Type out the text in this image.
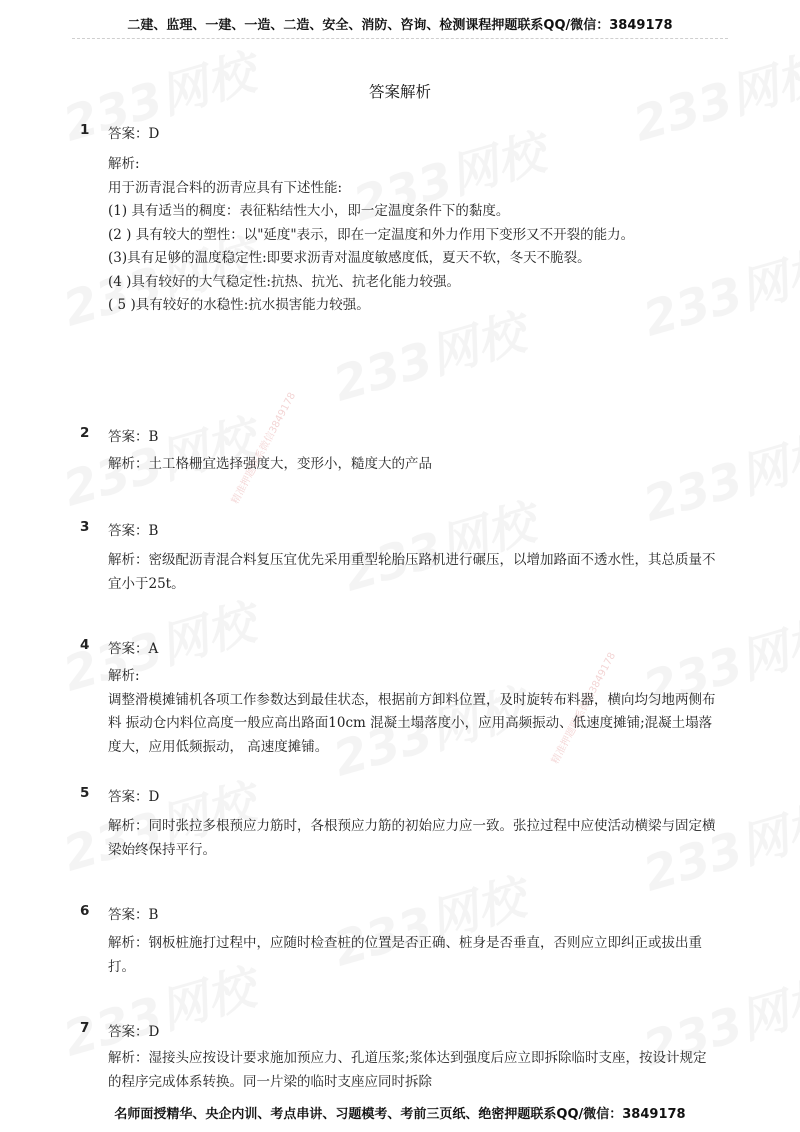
精准押题联系微信3849178
精准押题联系微信3849178
二建、监理、一建、一造、二造、安全、消防、咨询、检测课程押题联系QQ/微信：3849178
答案解析
1 答案：D

解析:

用于沥青混合料的沥青应具有下述性能:

(1) 具有适当的稠度：表征粘结性大小，即一定温度条件下的黏度。

(2 ) 具有较大的塑性：以"延度"表示，即在一定温度和外力作用下变形又不开裂的能力。

(3)具有足够的温度稳定性:即要求沥青对温度敏感度低，夏天不软，冬天不脆裂。

(4 )具有较好的大气稳定性:抗热、抗光、抗老化能力较强。

( 5 )具有较好的水稳性:抗水损害能力较强。

2 答案：B

解析：土工格栅宜选择强度大，变形小，糙度大的产品

3 答案：B

解析：密级配沥青混合料复压宜优先采用重型轮胎压路机进行碾压，以增加路面不透水性，其总质量不宜小于25t。

4 答案：A

解析:

调整滑模摊铺机各项工作参数达到最佳状态，根据前方卸料位置，及时旋转布料器，横向均匀地两侧布料 振动仓内料位高度一般应高出路面10cm 混凝土塌落度小，应用高频振动、低速度摊铺;混凝土塌落度大，应用低频振动， 高速度摊铺。

5 答案：D

解析：同时张拉多根预应力筋时，各根预应力筋的初始应力应一致。张拉过程中应使活动横梁与固定横梁始终保持平行。

6 答案：B

解析：钢板桩施打过程中，应随时检查桩的位置是否正确、桩身是否垂直，否则应立即纠正或拔出重打。

7 答案：D

解析：湿接头应按设计要求施加预应力、孔道压浆;浆体达到强度后应立即拆除临时支座，按设计规定的程序完成体系转换。同一片梁的临时支座应同时拆除

名师面授精华、央企内训、考点串讲、习题模考、考前三页纸、绝密押题联系QQ/微信：3849178
